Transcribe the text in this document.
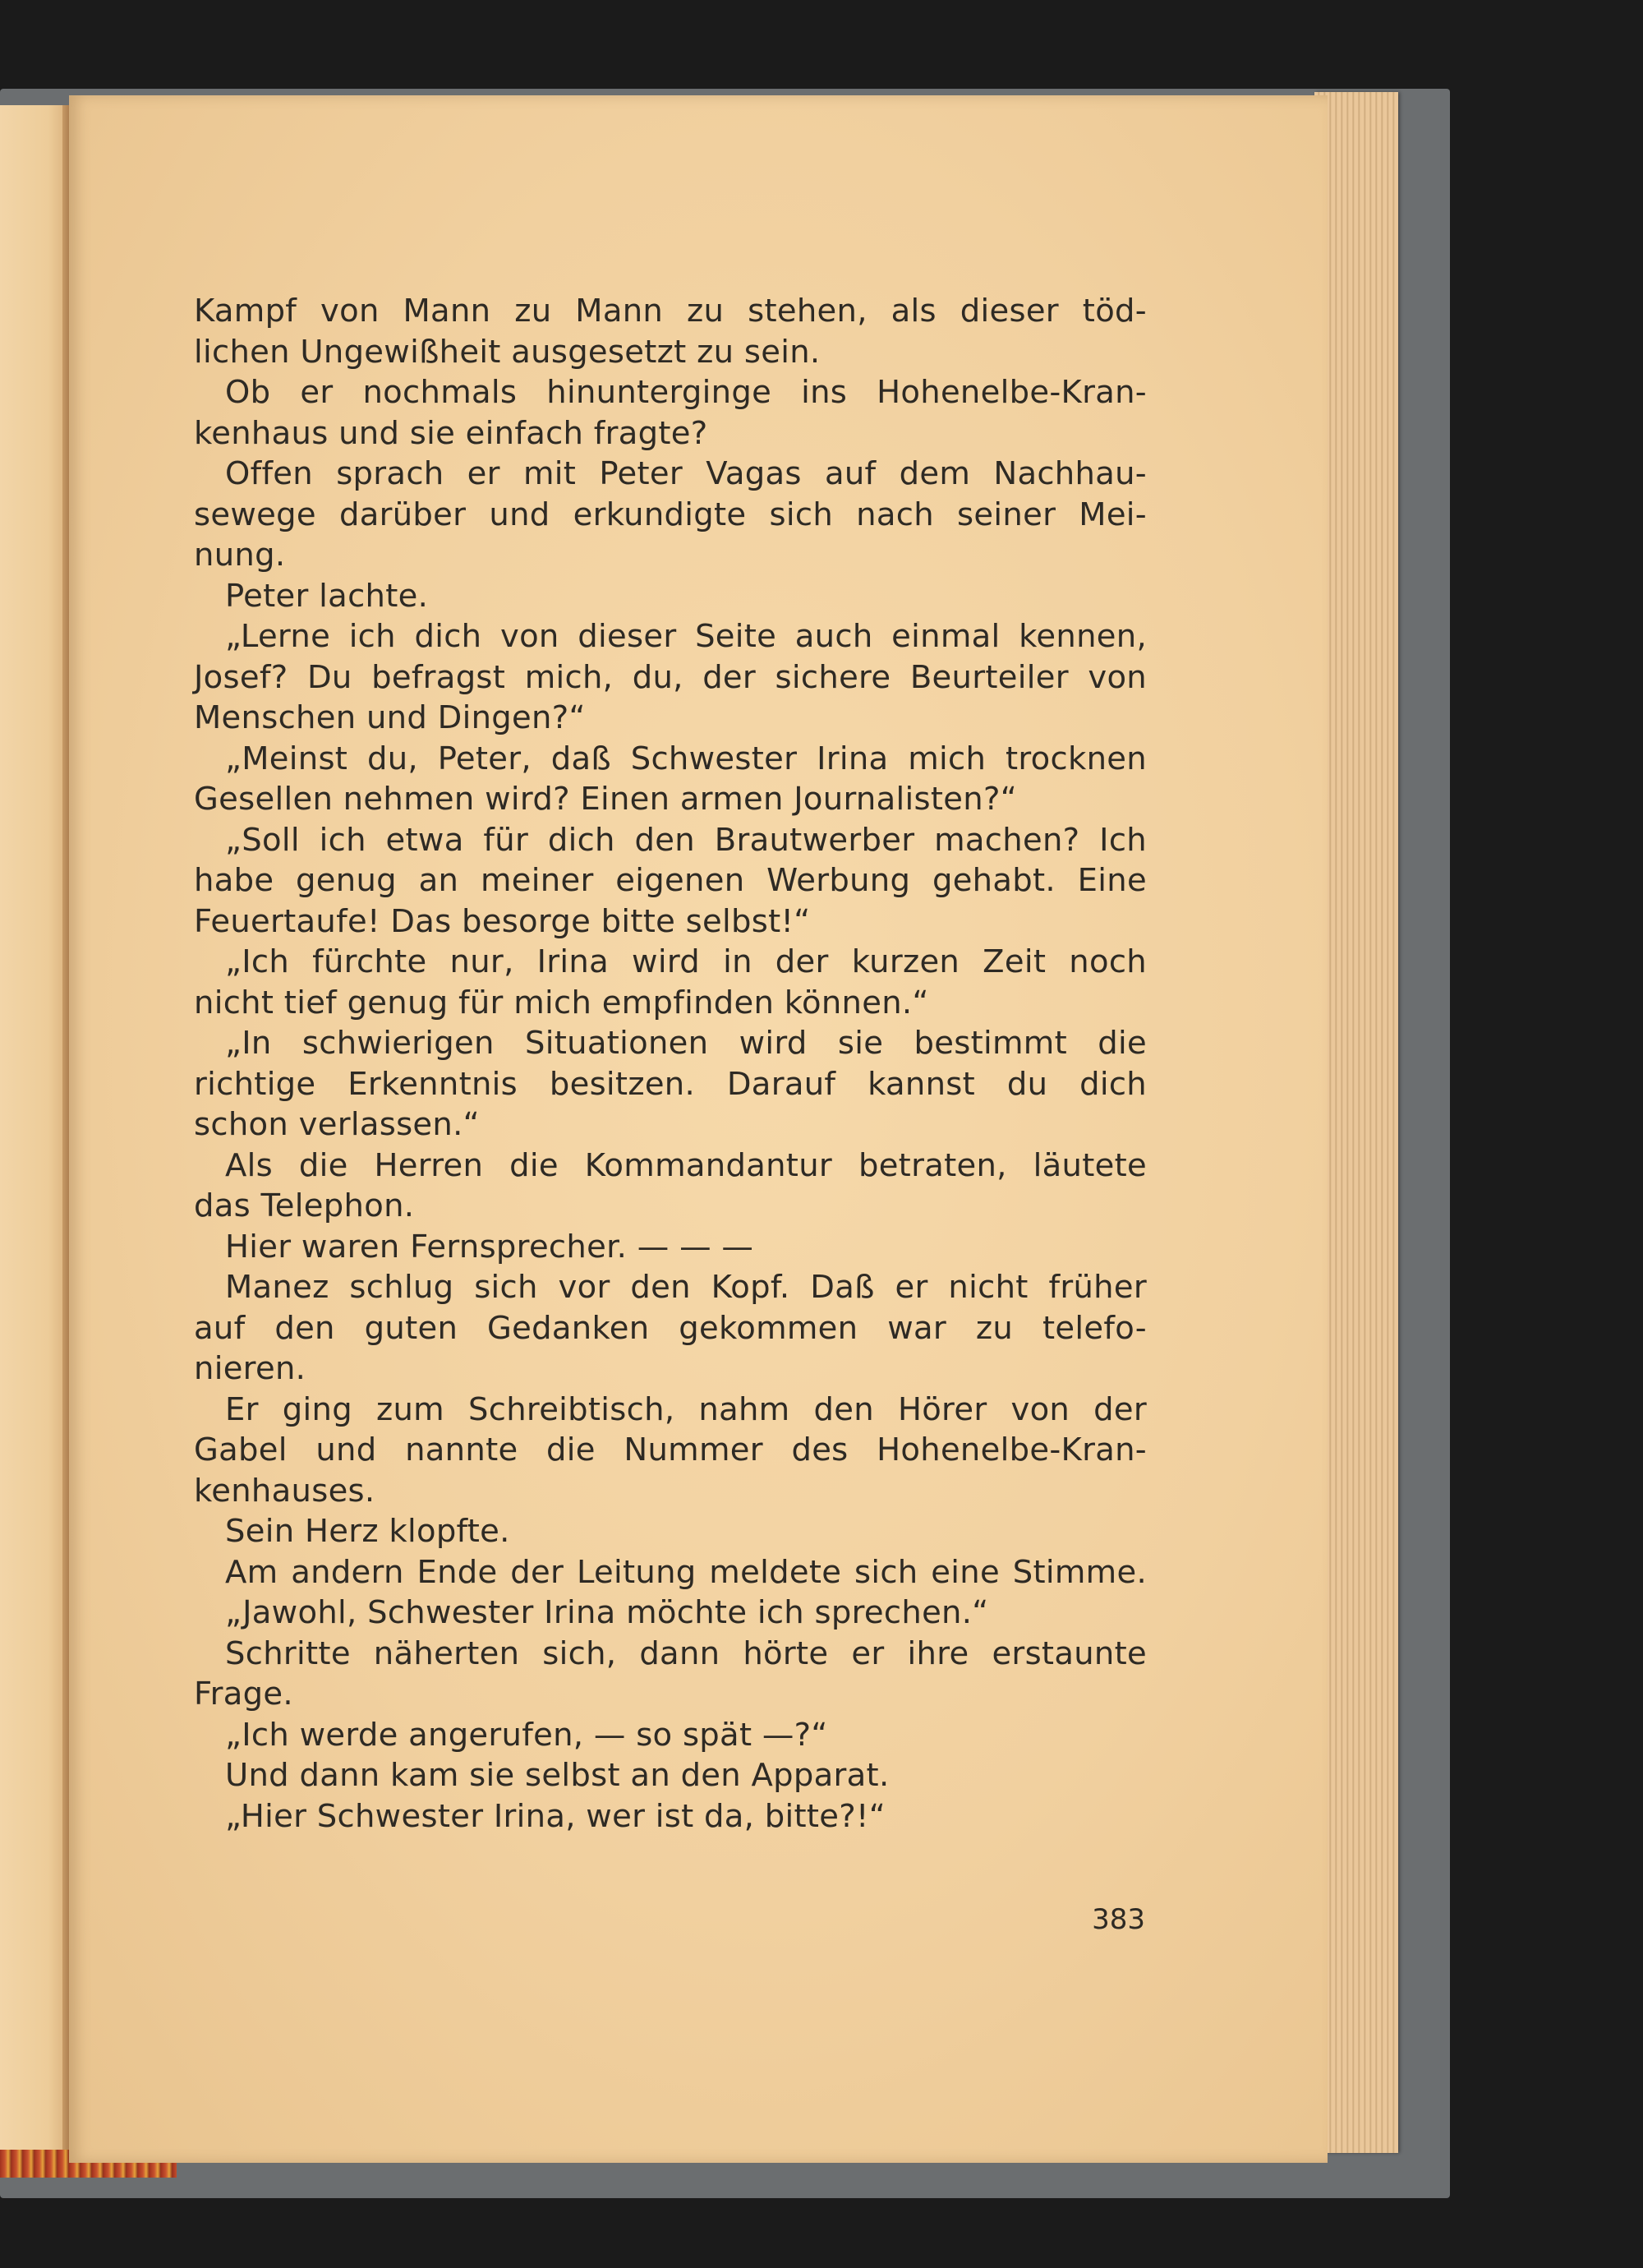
Kampf von Mann zu Mann zu stehen, als dieser töd-
lichen Ungewißheit ausgesetzt zu sein.
Ob er nochmals hinunterginge ins Hohenelbe-Kran-
kenhaus und sie einfach fragte?
Offen sprach er mit Peter Vagas auf dem Nachhau-
sewege darüber und erkundigte sich nach seiner Mei-
nung.
Peter lachte.
„Lerne ich dich von dieser Seite auch einmal kennen,
Josef? Du befragst mich, du, der sichere Beurteiler von
Menschen und Dingen?“
„Meinst du, Peter, daß Schwester Irina mich trocknen
Gesellen nehmen wird? Einen armen Journalisten?“
„Soll ich etwa für dich den Brautwerber machen? Ich
habe genug an meiner eigenen Werbung gehabt. Eine
Feuertaufe! Das besorge bitte selbst!“
„Ich fürchte nur, Irina wird in der kurzen Zeit noch
nicht tief genug für mich empfinden können.“
„In schwierigen Situationen wird sie bestimmt die
richtige Erkenntnis besitzen. Darauf kannst du dich
schon verlassen.“
Als die Herren die Kommandantur betraten, läutete
das Telephon.
Hier waren Fernsprecher. — — —
Manez schlug sich vor den Kopf. Daß er nicht früher
auf den guten Gedanken gekommen war zu telefo-
nieren.
Er ging zum Schreibtisch, nahm den Hörer von der
Gabel und nannte die Nummer des Hohenelbe-Kran-
kenhauses.
Sein Herz klopfte.
Am andern Ende der Leitung meldete sich eine Stimme.
„Jawohl, Schwester Irina möchte ich sprechen.“
Schritte näherten sich, dann hörte er ihre erstaunte
Frage.
„Ich werde angerufen, — so spät —?“
Und dann kam sie selbst an den Apparat.
„Hier Schwester Irina, wer ist da, bitte?!“
383
